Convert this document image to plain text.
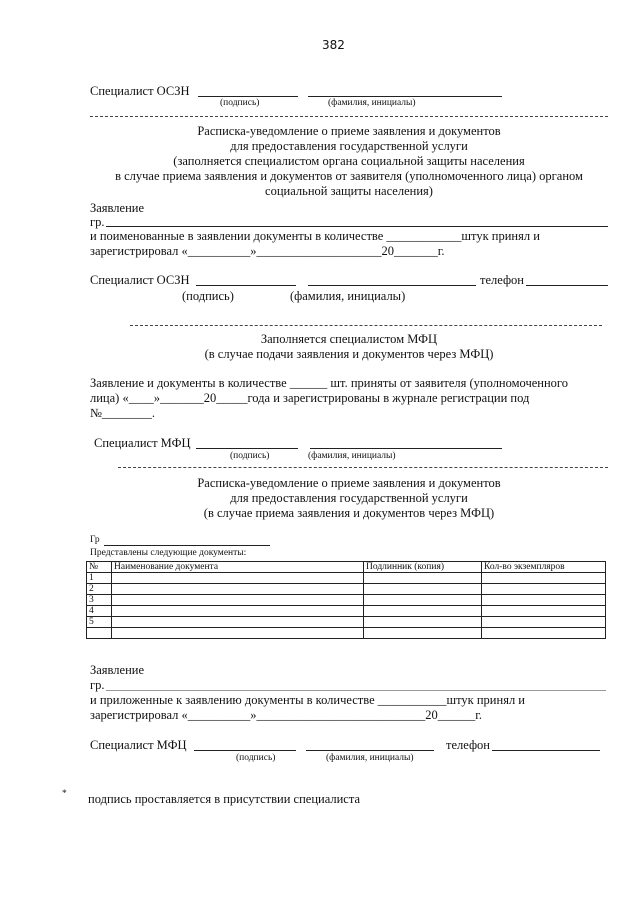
382
Специалист ОСЗН
(подпись)	(фамилия, инициалы)
Расписка-уведомление о приеме заявления и документов
для предоставления государственной услуги
(заполняется специалистом органа социальной защиты населения
в случае приема заявления и документов от заявителя (уполномоченного лица) органом
социальной защиты населения)
Заявление
гр.
и поименованные в заявлении документы в количестве ____________штук принял и
зарегистрировал «__________»____________________20_______г.
Специалист ОСЗН	телефон
(подпись)	(фамилия, инициалы)
Заполняется специалистом МФЦ
(в случае подачи заявления и документов через МФЦ)
Заявление и документы в количестве ______ шт. приняты от заявителя (уполномоченного
лица) «____»_______20_____года и зарегистрированы в журнале регистрации под
№________.
Специалист МФЦ
(подпись)	(фамилия, инициалы)
Расписка-уведомление о приеме заявления и документов
для предоставления государственной услуги
(в случае приема заявления и документов через МФЦ)
Гр
Представлены следующие документы:
№	Наименование документа	Подлинник (копия)	Кол-во экземпляров
1			
2			
3			
4			
5			

Заявление
гр.
и приложенные к заявлению документы в количестве ___________штук принял и
зарегистрировал «__________»___________________________20______г.
Специалист МФЦ	телефон
(подпись)	(фамилия, инициалы)
* подпись проставляется в присутствии специалиста
